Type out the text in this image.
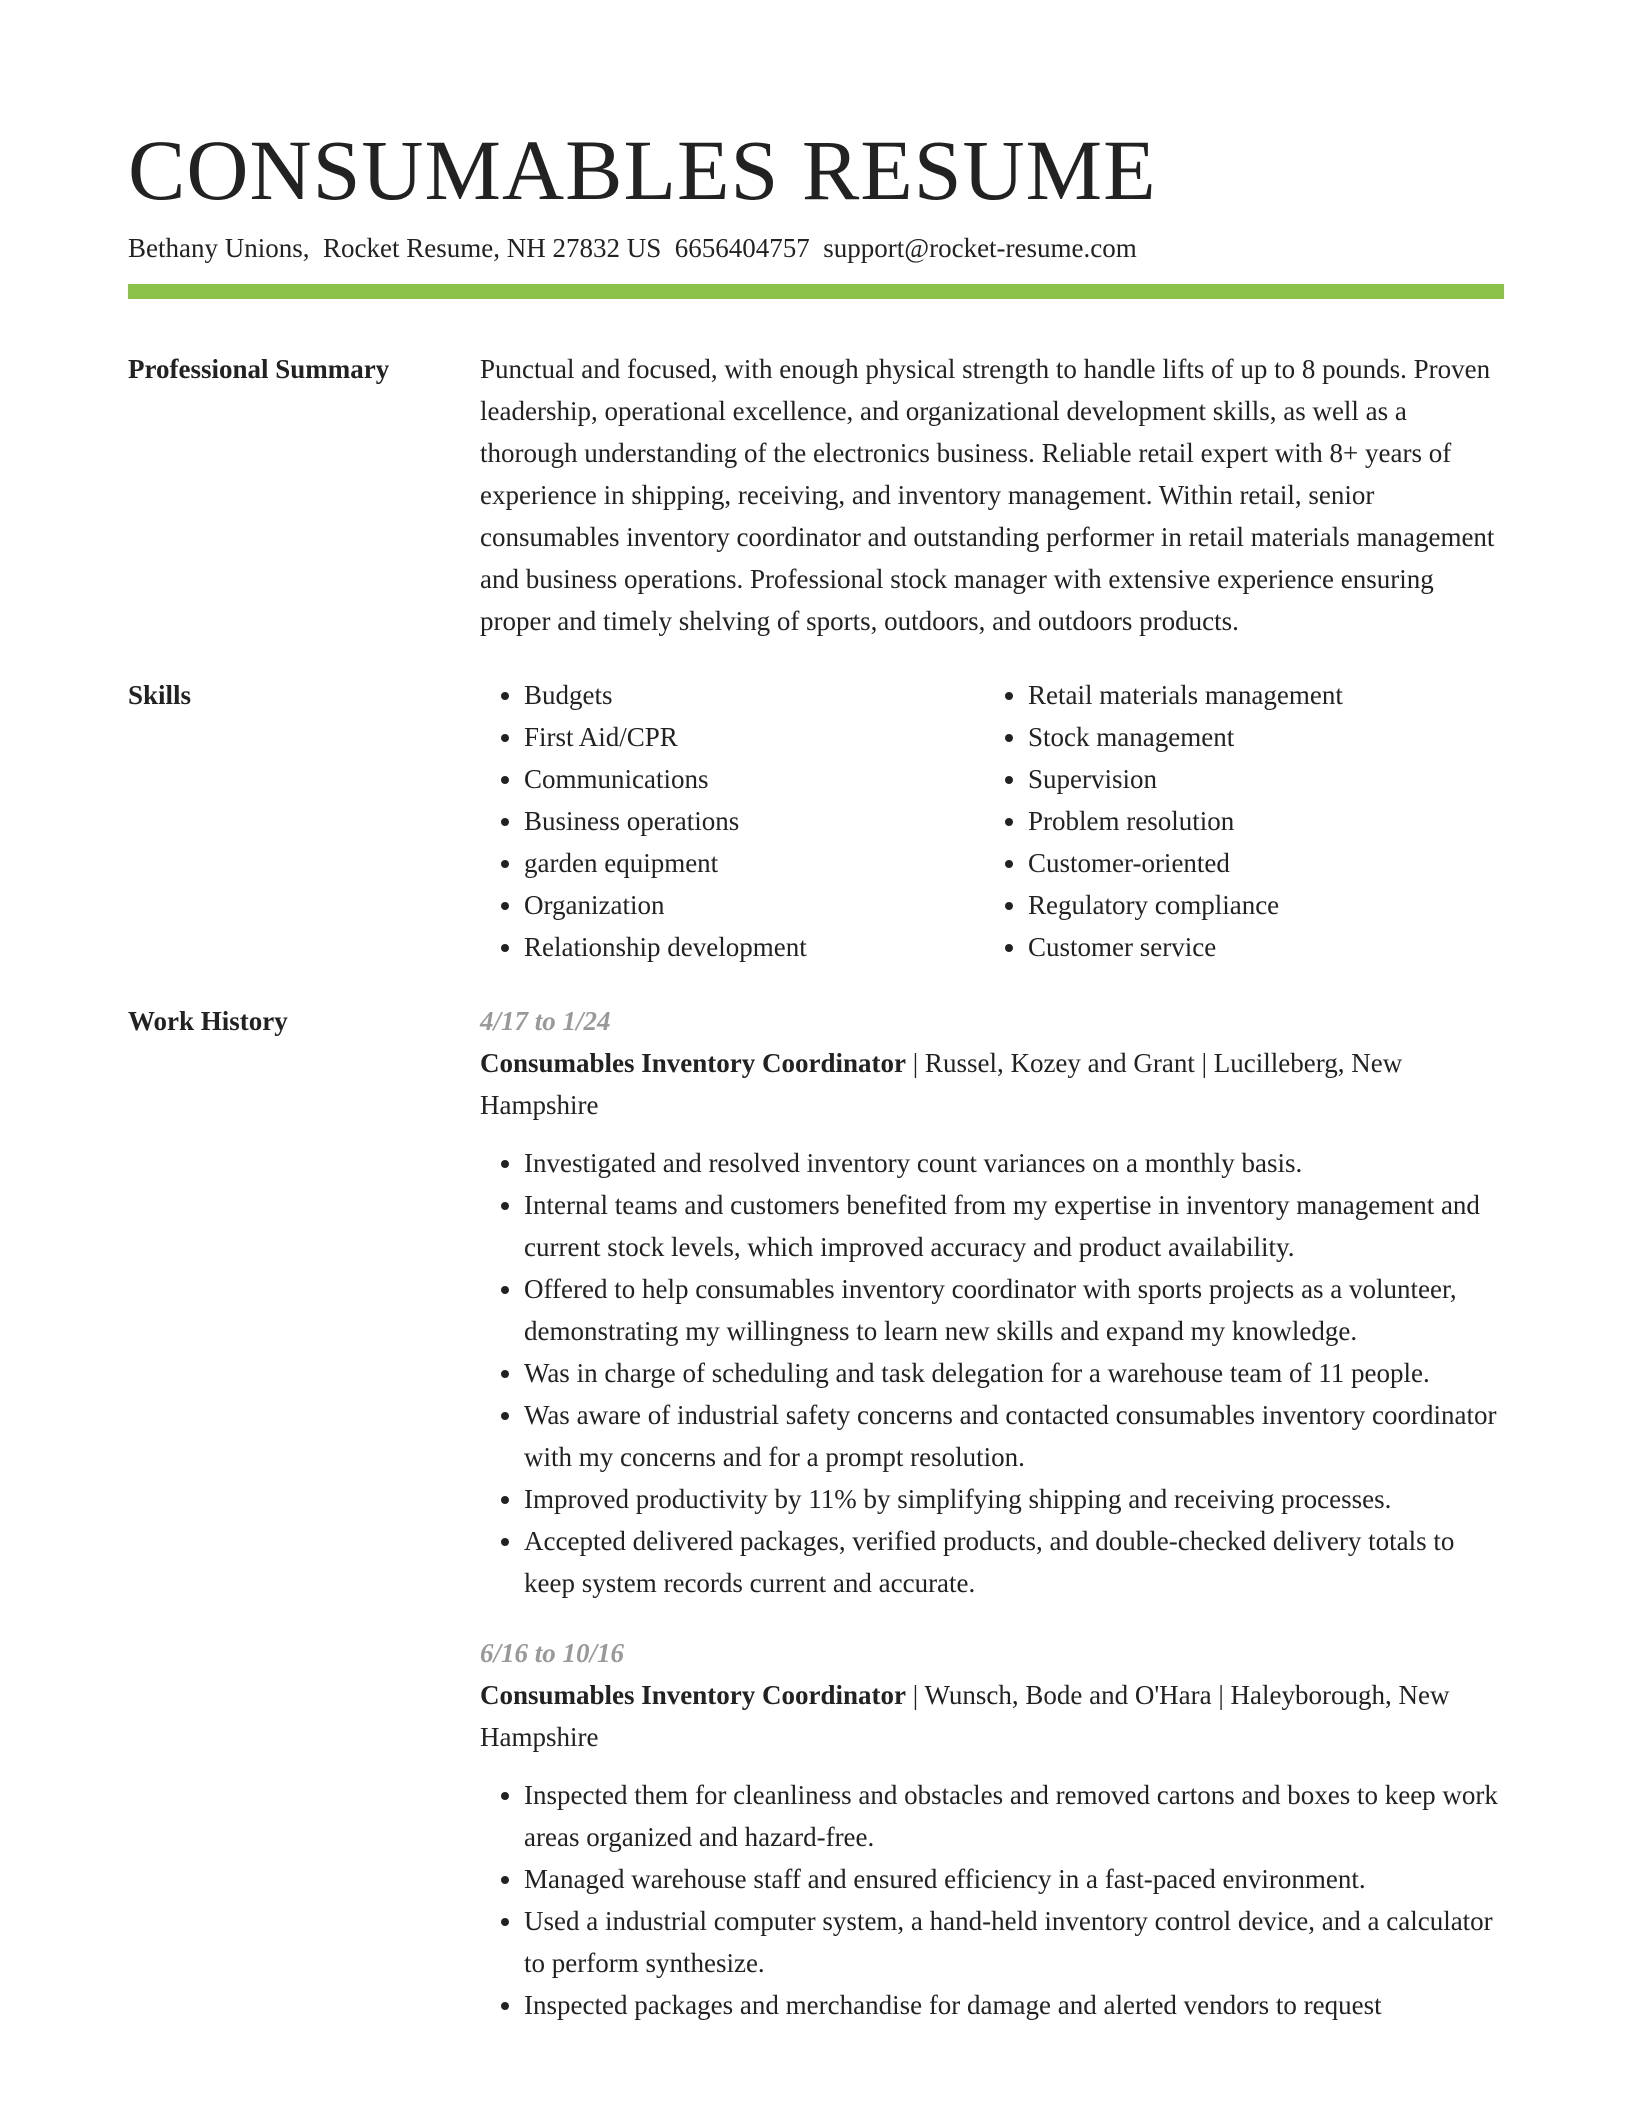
CONSUMABLES RESUME
Bethany Unions, Rocket Resume, NH 27832 US 6656404757 support@rocket-resume.com
Professional Summary	Punctual and focused, with enough physical strength to handle lifts of up to 8 pounds. Proven leadership, operational excellence, and organizational development skills, as well as a thorough understanding of the electronics business. Reliable retail expert with 8+ years of experience in shipping, receiving, and inventory management. Within retail, senior consumables inventory coordinator and outstanding performer in retail materials management and business operations. Professional stock manager with extensive experience ensuring proper and timely shelving of sports, outdoors, and outdoors products.
Skills
•	Budgets
• First Aid/CPR
• Communications
• Business operations
• garden equipment
• Organization
• Relationship development
• Retail materials management
• Stock management
• Supervision
• Problem resolution
• Customer-oriented
• Regulatory compliance
• Customer service
Work History	4/17 to 1/24
Consumables Inventory Coordinator | Russel, Kozey and Grant | Lucilleberg, New Hampshire
• Investigated and resolved inventory count variances on a monthly basis.
• Internal teams and customers benefited from my expertise in inventory management and current stock levels, which improved accuracy and product availability.
• Offered to help consumables inventory coordinator with sports projects as a volunteer, demonstrating my willingness to learn new skills and expand my knowledge.
• Was in charge of scheduling and task delegation for a warehouse team of 11 people.
• Was aware of industrial safety concerns and contacted consumables inventory coordinator with my concerns and for a prompt resolution.
• Improved productivity by 11% by simplifying shipping and receiving processes.
• Accepted delivered packages, verified products, and double-checked delivery totals to keep system records current and accurate.
6/16 to 10/16
Consumables Inventory Coordinator | Wunsch, Bode and O'Hara | Haleyborough, New Hampshire
• Inspected them for cleanliness and obstacles and removed cartons and boxes to keep work areas organized and hazard-free.
• Managed warehouse staff and ensured efficiency in a fast-paced environment.
• Used a industrial computer system, a hand-held inventory control device, and a calculator to perform synthesize.
• Inspected packages and merchandise for damage and alerted vendors to request
